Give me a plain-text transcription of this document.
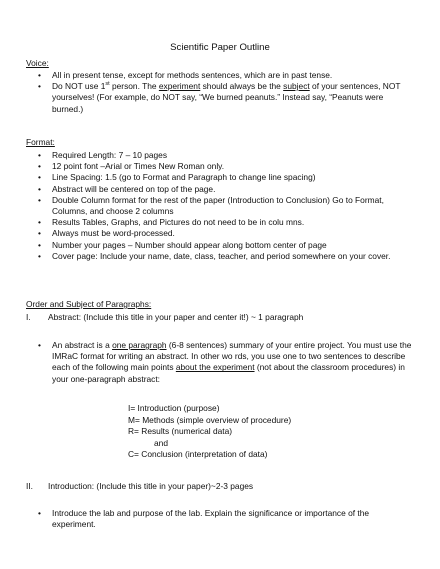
Scientific Paper Outline
Voice:
• All in present tense, except for methods sentences, which are in past tense.
• Do NOT use 1st person. The experiment should always be the subject of your sentences, NOT yourselves! (For example, do NOT say, “We burned peanuts.” Instead say, “Peanuts were burned.)
Format:
• Required Length: 7 – 10 pages
• 12 point font –Arial or Times New Roman only.
• Line Spacing: 1.5 (go to Format and Paragraph to change line spacing)
• Abstract will be centered on top of the page.
• Double Column format for the rest of the paper (Introduction to Conclusion) Go to Format, Columns, and choose 2 columns
• Results Tables, Graphs, and Pictures do not need to be in colu mns.
• Always must be word-processed.
• Number your pages – Number should appear along bottom center of page
• Cover page: Include your name, date, class, teacher, and period somewhere on your cover.
Order and Subject of Paragraphs:
I. Abstract: (Include this title in your paper and center it!) ~ 1 paragraph
• An abstract is a one paragraph (6-8 sentences) summary of your entire project. You must use the IMRaC format for writing an abstract. In other wo rds, you use one to two sentences to describe each of the following main points about the experiment (not about the classroom procedures) in your one-paragraph abstract:
I= Introduction (purpose)
M= Methods (simple overview of procedure)
R= Results (numerical data)
and
C= Conclusion (interpretation of data)
II. Introduction: (Include this title in your paper)~2-3 pages
• Introduce the lab and purpose of the lab. Explain the significance or importance of the experiment.
